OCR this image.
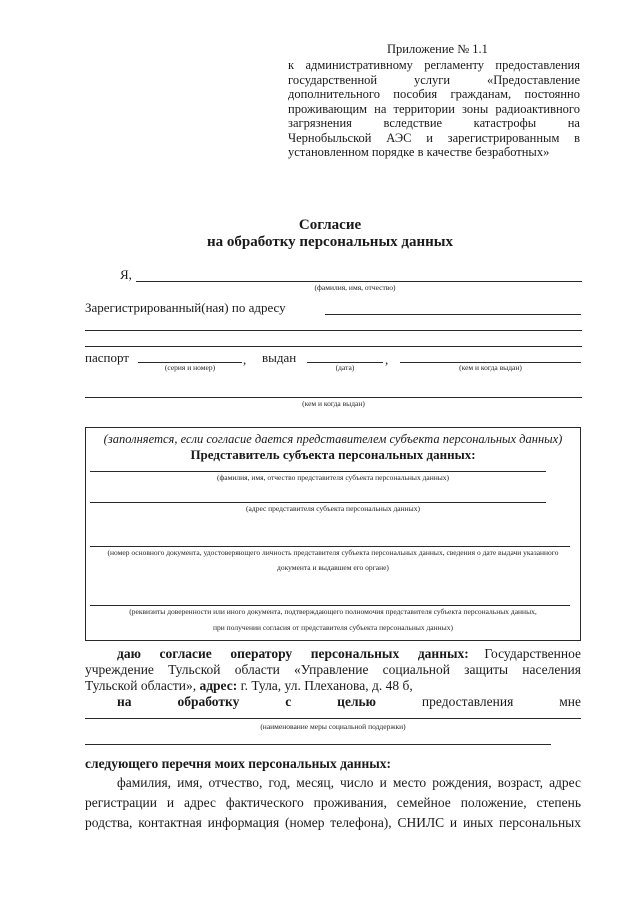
Приложение № 1.1
к административному регламенту предоставления
государственной услуги «Предоставление
дополнительного пособия гражданам, постоянно
проживающим на территории зоны радиоактивного
загрязнения вследствие катастрофы на
Чернобыльской АЭС и зарегистрированным в
установленном порядке в качестве безработных»
Согласие
на обработку персональных данных
Я,
(фамилия, имя, отчество)
Зарегистрированный(ная) по адресу
паспорт	, выдан	,
(серия и номер)	(дата)	(кем и когда выдан)
(кем и когда выдан)
(заполняется, если согласие дается представителем субъекта персональных данных)
Представитель субъекта персональных данных:
(фамилия, имя, отчество представителя субъекта персональных данных)
(адрес представителя субъекта персональных данных)
(номер основного документа, удостоверяющего личность представителя субъекта персональных данных, сведения о дате выдачи указанного
документа и выдавшем его органе)
(реквизиты доверенности или иного документа, подтверждающего полномочия представителя субъекта персональных данных,
при получении согласия от представителя субъекта персональных данных)
даю согласие оператору персональных данных: Государственное
учреждение Тульской области «Управление социальной защиты населения
Тульской области», адрес: г. Тула, ул. Плеханова, д. 48 б,
на	обработку	с	целью	предоставления	мне
(наименование меры социальной поддержки)
следующего перечня моих персональных данных:
фамилия, имя, отчество, год, месяц, число и место рождения, возраст, адрес
регистрации и адрес фактического проживания, семейное положение, степень
родства, контактная информация (номер телефона), СНИЛС и иных персональных
